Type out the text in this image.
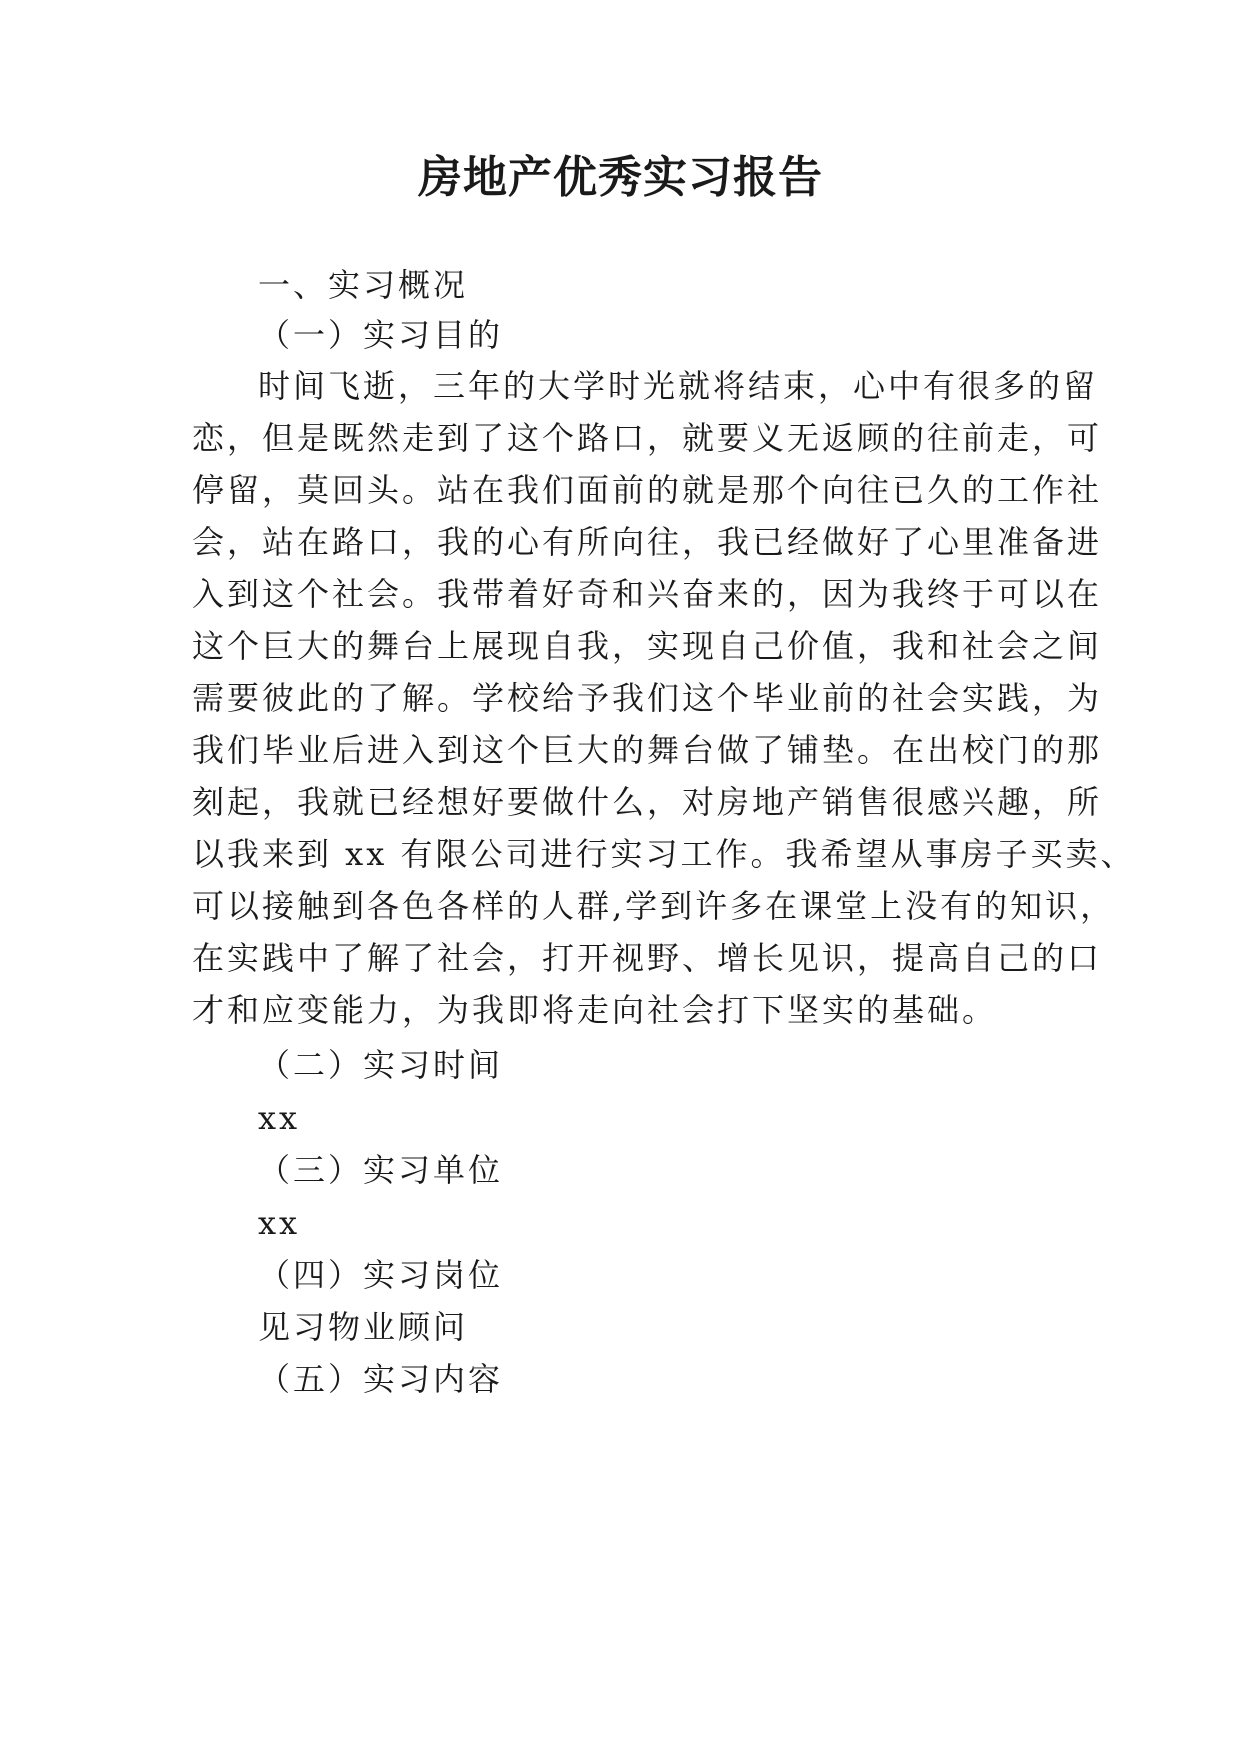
房地产优秀实习报告
一、实习概况
（一）实习目的
时间飞逝，三年的大学时光就将结束，心中有很多的留
恋，但是既然走到了这个路口，就要义无返顾的往前走，可
停留，莫回头。站在我们面前的就是那个向往已久的工作社
会，站在路口，我的心有所向往，我已经做好了心里准备进
入到这个社会。我带着好奇和兴奋来的，因为我终于可以在
这个巨大的舞台上展现自我，实现自己价值，我和社会之间
需要彼此的了解。学校给予我们这个毕业前的社会实践，为
我们毕业后进入到这个巨大的舞台做了铺垫。在出校门的那
刻起，我就已经想好要做什么，对房地产销售很感兴趣，所
以我来到 xx 有限公司进行实习工作。我希望从事房子买卖、
可以接触到各色各样的人群,学到许多在课堂上没有的知识，
在实践中了解了社会，打开视野、增长见识，提高自己的口
才和应变能力，为我即将走向社会打下坚实的基础。
（二）实习时间
xx
（三）实习单位
xx
（四）实习岗位
见习物业顾问
（五）实习内容
